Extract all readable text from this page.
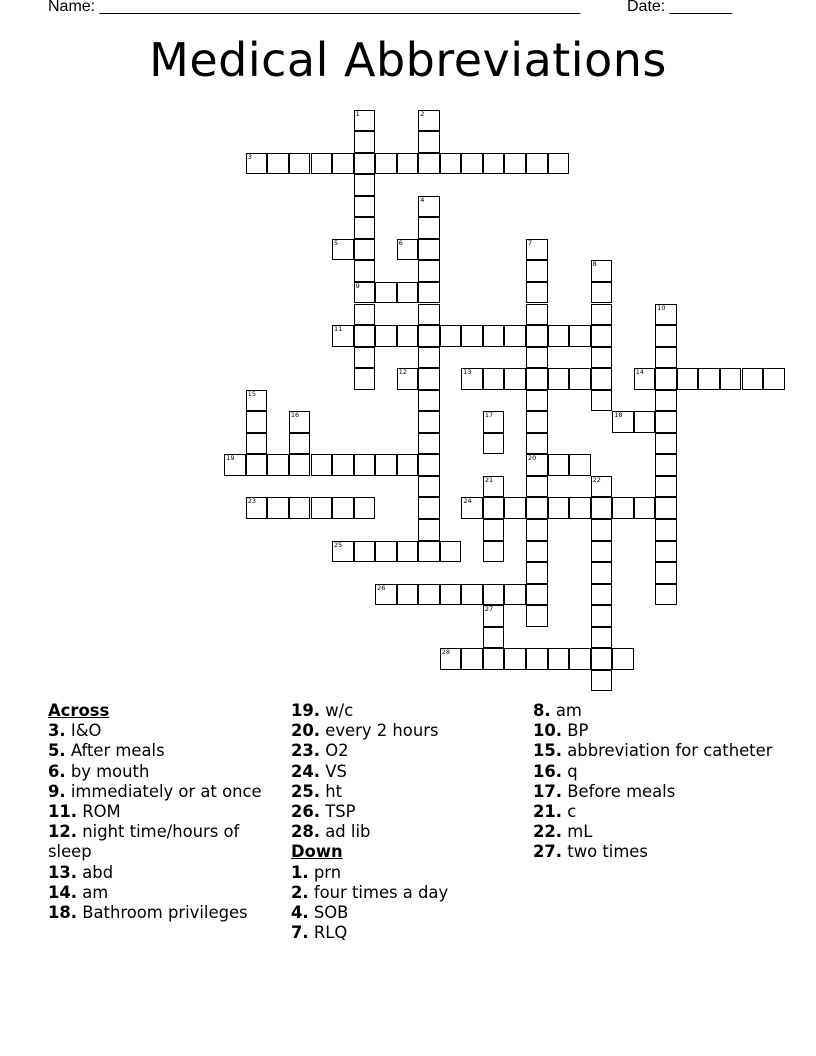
Name: ______________________________________________________	Date: _______
Medical Abbreviations
3
5	6
9
11
12	13	14
18
19	20
23	24
25
26
28
1	2
4
7
8
10
15
16	17
21	22
27
Across
3. I&O
5. After meals
6. by mouth
9. immediately or at once
11. ROM
12. night time/hours of sleep
13. abd
14. am
18. Bathroom privileges
19. w/c
20. every 2 hours
23. O2
24. VS
25. ht
26. TSP
28. ad lib
Down
1. prn
2. four times a day
4. SOB
7. RLQ
8. am
10. BP
15. abbreviation for catheter
16. q
17. Before meals
21. c
22. mL
27. two times
